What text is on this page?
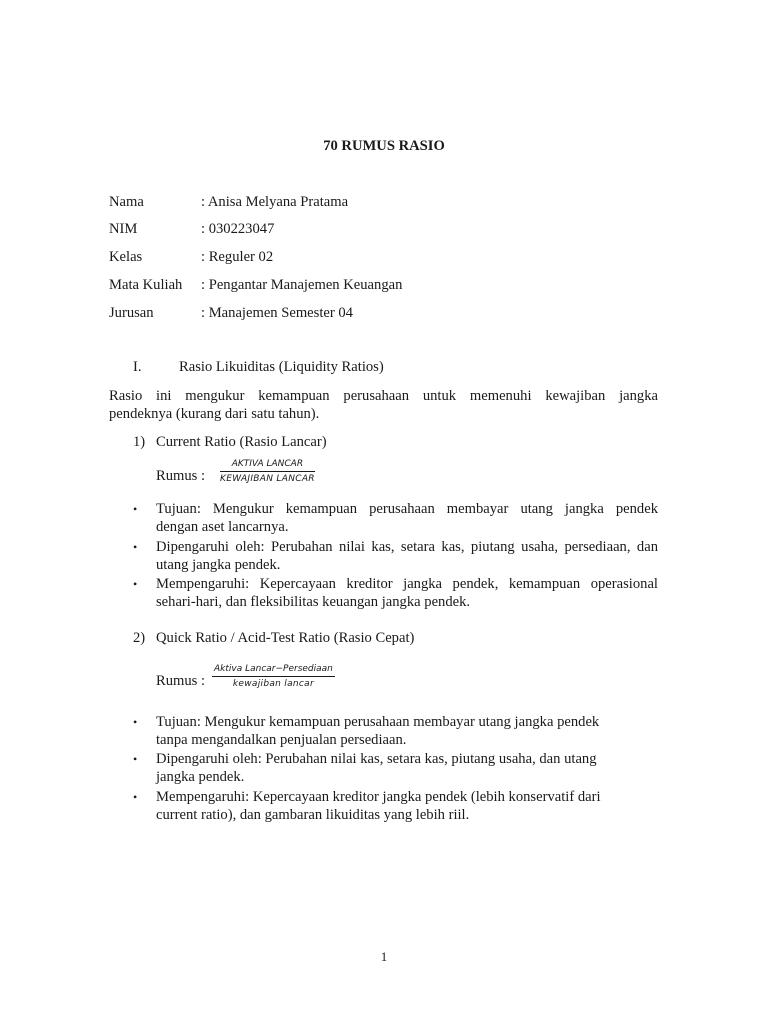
70 RUMUS RASIO
Nama	: Anisa Melyana Pratama
NIM	: 030223047
Kelas	: Reguler 02
Mata Kuliah : Pengantar Manajemen Keuangan
Jurusan	: Manajemen Semester 04
I.	Rasio Likuiditas (Liquidity Ratios)
Rasio ini mengukur kemampuan perusahaan untuk memenuhi kewajiban jangka
pendeknya (kurang dari satu tahun).
1) Current Ratio (Rasio Lancar)
Rumus :
AKTIVA LANCAR
KEWAJIBAN LANCAR
• Tujuan: Mengukur kemampuan perusahaan membayar utang jangka pendek
dengan aset lancarnya.
• Dipengaruhi oleh: Perubahan nilai kas, setara kas, piutang usaha, persediaan, dan
utang jangka pendek.
• Mempengaruhi: Kepercayaan kreditor jangka pendek, kemampuan operasional
sehari-hari, dan fleksibilitas keuangan jangka pendek.
2) Quick Ratio / Acid-Test Ratio (Rasio Cepat)
Rumus :
Aktiva Lancar−Persediaan
kewajiban lancar
• Tujuan: Mengukur kemampuan perusahaan membayar utang jangka pendek
tanpa mengandalkan penjualan persediaan.
• Dipengaruhi oleh: Perubahan nilai kas, setara kas, piutang usaha, dan utang
jangka pendek.
• Mempengaruhi: Kepercayaan kreditor jangka pendek (lebih konservatif dari
current ratio), dan gambaran likuiditas yang lebih riil.
1
